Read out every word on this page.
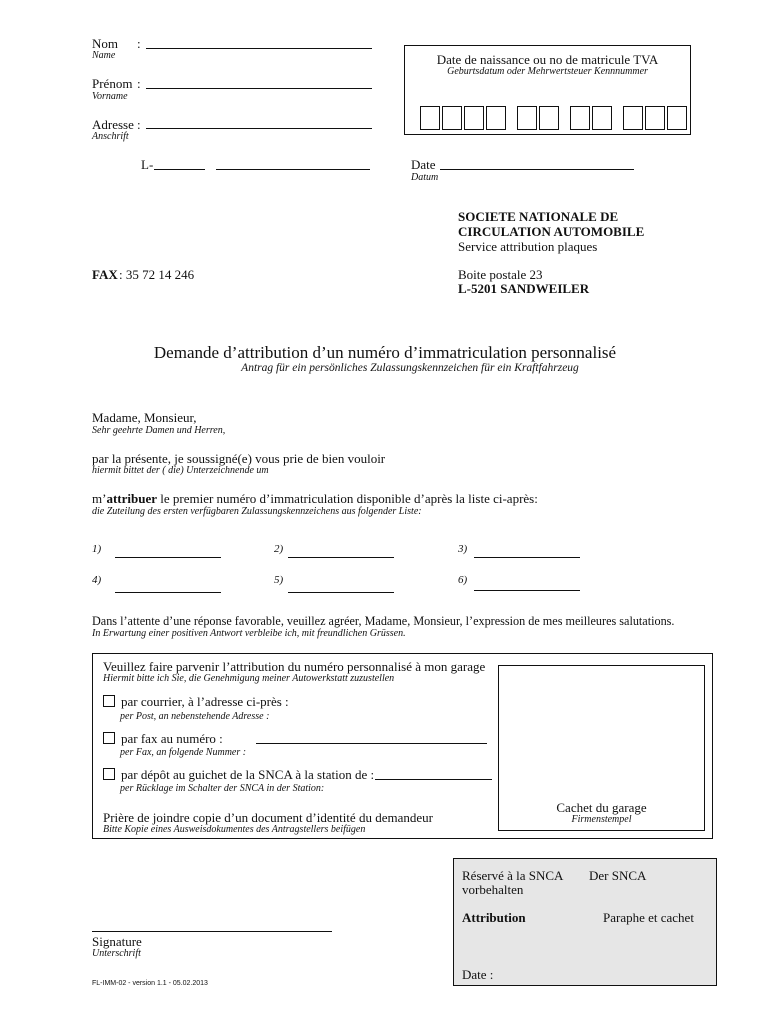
Nom :
Name
Prénom :
Vorname
Adresse :
Anschrift
L-
Date de naissance ou no de matricule TVA
Geburtsdatum oder Mehrwertsteuer Kennnummer
Date
Datum
SOCIETE NATIONALE DE
CIRCULATION AUTOMOBILE
Service attribution plaques
Boite postale 23
L-5201 SANDWEILER
FAX : 35 72 14 246
Demande d’attribution d’un numéro d’immatriculation personnalisé
Antrag für ein persönliches Zulassungskennzeichen für ein Kraftfahrzeug
Madame, Monsieur,
Sehr geehrte Damen und Herren,
par la présente, je soussigné(e) vous prie de bien vouloir
hiermit bittet der ( die) Unterzeichnende um
m’attribuer le premier numéro d’immatriculation disponible d’après la liste ci-après:
die Zuteilung des ersten verfügbaren Zulassungskennzeichens aus folgender Liste:
1)	2)	3)
4)	5)	6)
Dans l’attente d’une réponse favorable, veuillez agréer, Madame, Monsieur, l’expression de mes meilleures salutations.
In Erwartung einer positiven Antwort verbleibe ich, mit freundlichen Grüssen.
Veuillez faire parvenir l’attribution du numéro personnalisé à mon garage
Hiermit bitte ich Sie, die Genehmigung meiner Autowerkstatt zuzustellen
par courrier, à l’adresse ci-près :
per Post, an nebenstehende Adresse :
par fax au numéro :
per Fax, an folgende Nummer :
par dépôt au guichet de la SNCA à la station de :
per Rücklage im Schalter der SNCA in der Station:
Prière de joindre copie d’un document d’identité du demandeur
Bitte Kopie eines Ausweisdokumentes des Antragstellers beifügen
Cachet du garage
Firmenstempel
Réservé à la SNCA Der SNCA
vorbehalten
Attribution	Paraphe et cachet
Date :
Signature
Unterschrift
FL-IMM-02 - version 1.1 - 05.02.2013
